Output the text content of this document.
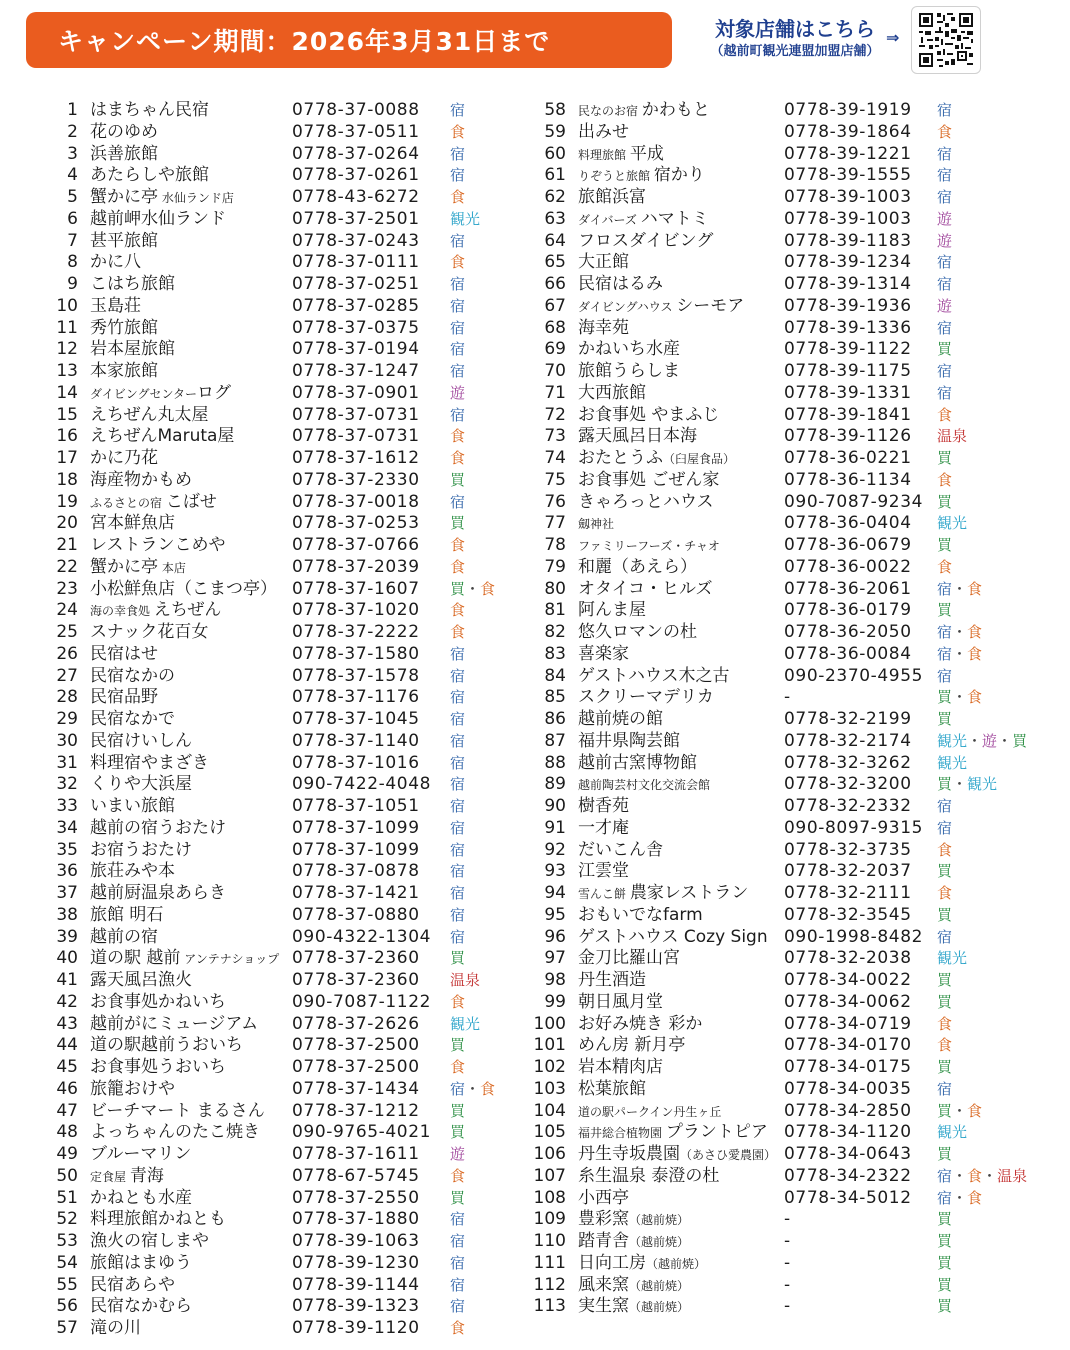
キャンペーン期間：2026年3月31日まで	対象店舗はこちら
（越前町観光連盟加盟店舗）
⇒
1 はまちゃん民宿	0778-37-0088 宿
2 花のゆめ	0778-37-0511 食
3 浜善旅館	0778-37-0264 宿
4 あたらしや旅館	0778-37-0261 宿
5 蟹かに亭 水仙ランド店	0778-43-6272 食
6 越前岬水仙ランド	0778-37-2501 観光
7 甚平旅館	0778-37-0243 宿
8 かに八	0778-37-0111 食
9 こはち旅館	0778-37-0251 宿
10 玉島荘	0778-37-0285 宿
11 秀竹旅館	0778-37-0375 宿
12 岩本屋旅館	0778-37-0194 宿
13 本家旅館	0778-37-1247 宿
14 ダイビングセンターログ	0778-37-0901 遊
15 えちぜん丸太屋	0778-37-0731 宿
16 えちぜんMaruta屋	0778-37-0731 食
17 かに乃花	0778-37-1612 食
18 海産物かもめ	0778-37-2330 買
19 ふるさとの宿 こばせ	0778-37-0018 宿
20 宮本鮮魚店	0778-37-0253 買
21 レストランこめや	0778-37-0766 食
22 蟹かに亭 本店	0778-37-2039 食
23 小松鮮魚店（こまつ亭） 0778-37-1607 買・食
24 海の幸食処 えちぜん	0778-37-1020 食
25 スナック花百女	0778-37-2222 食
26 民宿はせ	0778-37-1580 宿
27 民宿なかの	0778-37-1578 宿
28 民宿品野	0778-37-1176 宿
29 民宿なかで	0778-37-1045 宿
30 民宿けいしん	0778-37-1140 宿
31 料理宿やまざき	0778-37-1016 宿
32 くりや大浜屋	090-7422-4048 宿
33 いまい旅館	0778-37-1051 宿
34 越前の宿うおたけ	0778-37-1099 宿
35 お宿うおたけ	0778-37-1099 宿
36 旅荘みや本	0778-37-0878 宿
37 越前厨温泉あらき	0778-37-1421 宿
38 旅館 明石	0778-37-0880 宿
39 越前の宿	090-4322-1304 宿
40 道の駅 越前 アンテナショップ 0778-37-2360 買
41 露天風呂漁火	0778-37-2360 温泉
42 お食事処かねいち	090-7087-1122 食
43 越前がにミュージアム 0778-37-2626 観光
44 道の駅越前うおいち	0778-37-2500 買
45 お食事処うおいち	0778-37-2500 食
46 旅籠おけや	0778-37-1434 宿・食
47 ビーチマート まるさん 0778-37-1212 買
48 よっちゃんのたこ焼き 090-9765-4021 買
49 ブルーマリン	0778-37-1611 遊
50 定食屋 青海	0778-67-5745 食
51 かねとも水産	0778-37-2550 買
52 料理旅館かねとも	0778-37-1880 宿
53 漁火の宿しまや	0778-39-1063 宿
54 旅館はまゆう	0778-39-1230 宿
55 民宿あらや	0778-39-1144 宿
56 民宿なかむら	0778-39-1323 宿
57 滝の川	0778-39-1120 食
58 民なのお宿 かわもと	0778-39-1919 宿
59 出みせ	0778-39-1864 食
60 料理旅館 平成	0778-39-1221 宿
61 りぞうと旅館 宿かり	0778-39-1555 宿
62 旅館浜富	0778-39-1003 宿
63 ダイバーズ ハマトミ	0778-39-1003 遊
64 フロスダイビング	0778-39-1183 遊
65 大正館	0778-39-1234 宿
66 民宿はるみ	0778-39-1314 宿
67 ダイビングハウス シーモア 0778-39-1936 遊
68 海幸苑	0778-39-1336 宿
69 かねいち水産	0778-39-1122 買
70 旅館うらしま	0778-39-1175 宿
71 大西旅館	0778-39-1331 宿
72 お食事処 やまふじ	0778-39-1841 食
73 露天風呂日本海	0778-39-1126 温泉
74 おたとうふ（臼屋食品）	0778-36-0221 買
75 お食事処 ごぜん家	0778-36-1134 食
76 きゃろっとハウス	090-7087-9234 買
77 劔神社	0778-36-0404 観光
78 ファミリーフーズ・チャオ	0778-36-0679 買
79 和麗（あえら）	0778-36-0022 食
80 オタイコ・ヒルズ	0778-36-2061 宿・食
81 阿んま屋	0778-36-0179 買
82 悠久ロマンの杜	0778-36-2050 宿・食
83 喜楽家	0778-36-0084 宿・食
84 ゲストハウス木之古	090-2370-4955 宿
85 スクリーマデリカ	-	買・食
86 越前焼の館	0778-32-2199 買
87 福井県陶芸館	0778-32-2174 観光・遊・買
88 越前古窯博物館	0778-32-3262 観光
89 越前陶芸村文化交流会館	0778-32-3200 買・観光
90 樹香苑	0778-32-2332 宿
91 一才庵	090-8097-9315 宿
92 だいこん舎	0778-32-3735 食
93 江雲堂	0778-32-2037 買
94 雪んこ餅 農家レストラン 0778-32-2111 食
95 おもいでなfarm	0778-32-3545 買
96 ゲストハウス Cozy Sign 090-1998-8482 宿
97 金刀比羅山宮	0778-32-2038 観光
98 丹生酒造	0778-34-0022 買
99 朝日風月堂	0778-34-0062 買
100 お好み焼き 彩か	0778-34-0719 食
101 めん房 新月亭	0778-34-0170 食
102 岩本精肉店	0778-34-0175 買
103 松葉旅館	0778-34-0035 宿
104 道の駅パークイン丹生ヶ丘	0778-34-2850 買・食
105 福井総合植物園 プラントピア 0778-34-1120 観光
106 丹生寺坂農園（あさひ愛農園） 0778-34-0643 買
107 糸生温泉 泰澄の杜	0778-34-2322 宿・食・温泉
108 小西亭	0778-34-5012 宿・食
109 豊彩窯（越前焼）	-	買
110 踏青舎（越前焼）	-	買
111 日向工房（越前焼）	-	買
112 風来窯（越前焼）	-	買
113 実生窯（越前焼）	-	買
